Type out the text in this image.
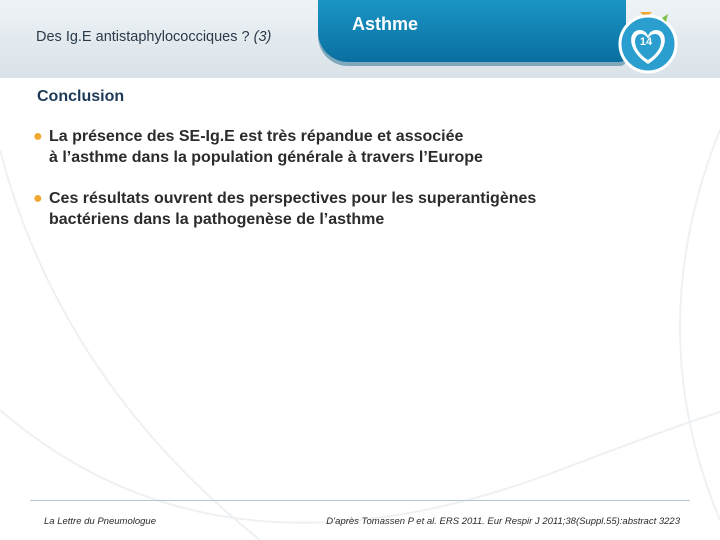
Des Ig.E antistaphylococciques ? (3)
Asthme
14
Conclusion
● La présence des SE-Ig.E est très répandue et associée
à l’asthme dans la population générale à travers l’Europe
● Ces résultats ouvrent des perspectives pour les superantigènes
bactériens dans la pathogenèse de l’asthme
La Lettre du Pneumologue	D’après Tomassen P et al. ERS 2011. Eur Respir J 2011;38(Suppl.55):abstract 3223
